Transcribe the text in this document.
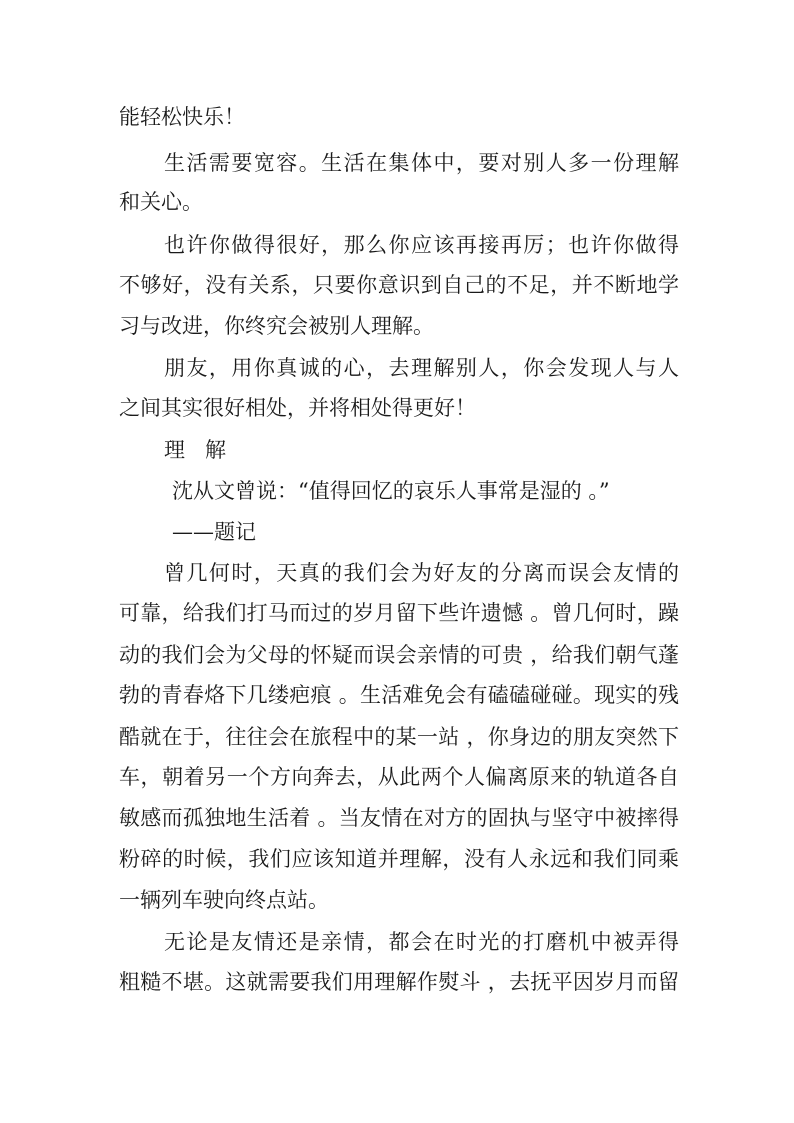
能轻松快乐！
生活需要宽容。生活在集体中，要对别人多一份理解
和关心。
也许你做得很好，那么你应该再接再厉；也许你做得
不够好，没有关系，只要你意识到自己的不足，并不断地学
习与改进，你终究会被别人理解。
朋友，用你真诚的心，去理解别人，你会发现人与人
之间其实很好相处，并将相处得更好！
理解
沈从文曾说：“值得回忆的哀乐人事常是湿的 。”
——题记
曾几何时，天真的我们会为好友的分离而误会友情的
可靠，给我们打马而过的岁月留下些许遗憾 。曾几何时，躁
动的我们会为父母的怀疑而误会亲情的可贵 ，给我们朝气蓬
勃的青春烙下几缕疤痕 。生活难免会有磕磕碰碰。现实的残
酷就在于，往往会在旅程中的某一站 ，你身边的朋友突然下
车，朝着另一个方向奔去，从此两个人偏离原来的轨道各自
敏感而孤独地生活着 。当友情在对方的固执与坚守中被摔得
粉碎的时候，我们应该知道并理解，没有人永远和我们同乘
一辆列车驶向终点站。
无论是友情还是亲情，都会在时光的打磨机中被弄得
粗糙不堪。这就需要我们用理解作熨斗 ，去抚平因岁月而留
